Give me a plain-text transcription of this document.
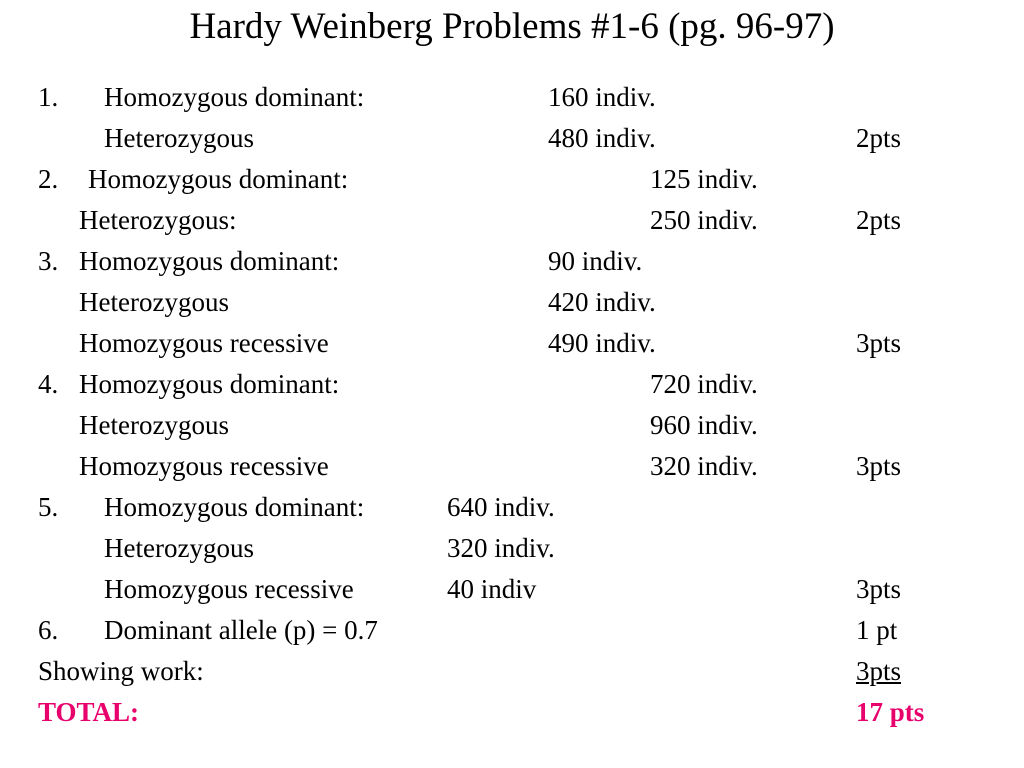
Hardy Weinberg Problems #1-6 (pg. 96-97)
1. Homozygous dominant:	160 indiv.
Heterozygous	480 indiv.	2pts
2. Homozygous dominant:	125 indiv.
Heterozygous:	250 indiv.	2pts
3. Homozygous dominant:	90 indiv.
Heterozygous	420 indiv.
Homozygous recessive	490 indiv.	3pts
4. Homozygous dominant:	720 indiv.
Heterozygous	960 indiv.
Homozygous recessive	320 indiv.	3pts
5. Homozygous dominant:	640 indiv.
Heterozygous	320 indiv.
Homozygous recessive	40 indiv	3pts
6. Dominant allele (p) = 0.7	1 pt
Showing work:	3pts
TOTAL:	17 pts
